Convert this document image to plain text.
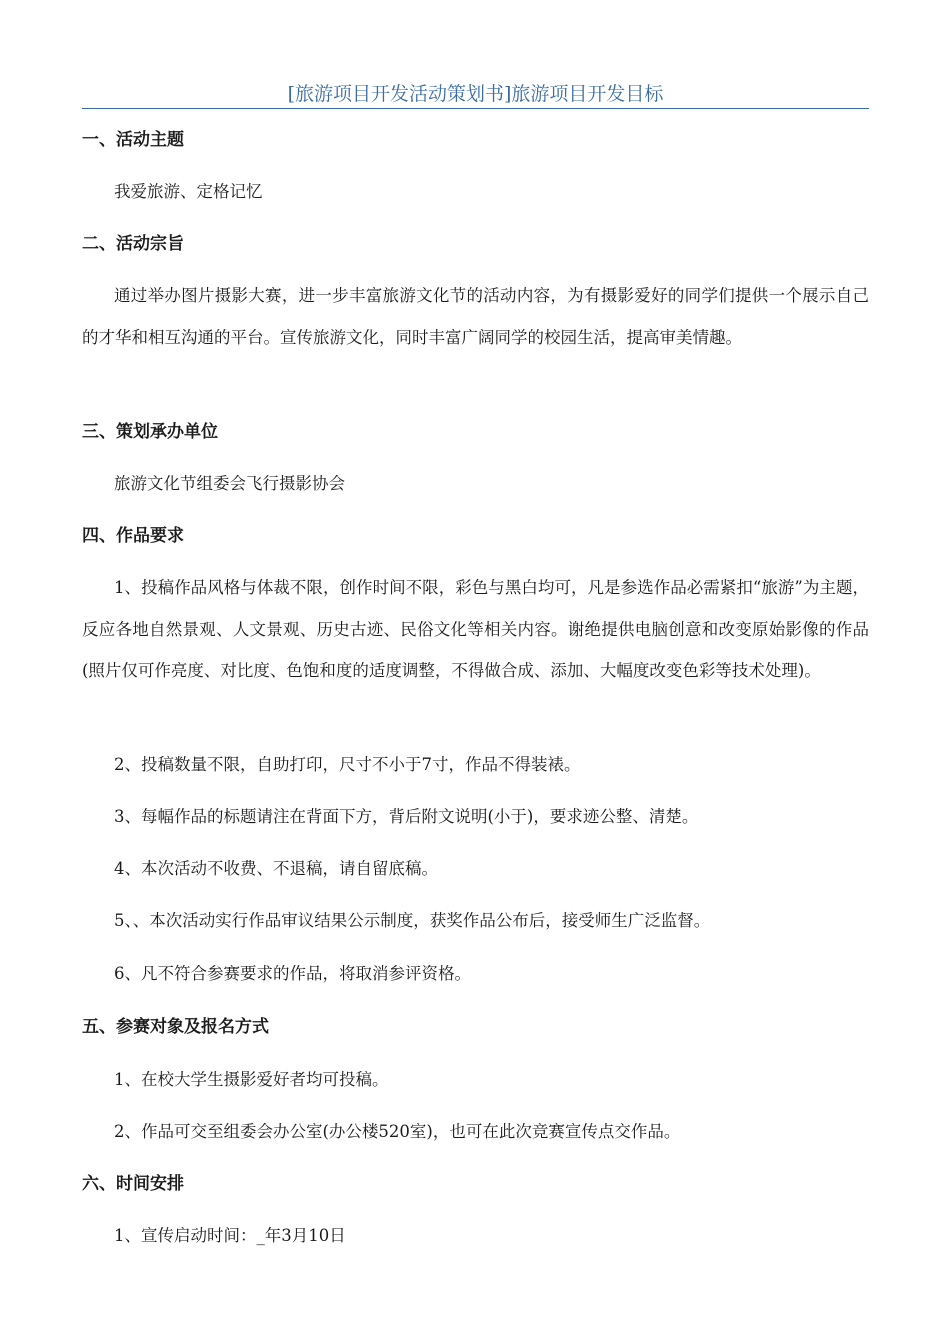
[旅游项目开发活动策划书]旅游项目开发目标
一、活动主题
我爱旅游、定格记忆
二、活动宗旨
通过举办图片摄影大赛，进一步丰富旅游文化节的活动内容，为有摄影爱好的同学们提供一个展示自己的才华和相互沟通的平台。宣传旅游文化，同时丰富广阔同学的校园生活，提高审美情趣。
三、策划承办单位
旅游文化节组委会飞行摄影协会
四、作品要求
1、投稿作品风格与体裁不限，创作时间不限，彩色与黑白均可，凡是参选作品必需紧扣“旅游”为主题，反应各地自然景观、人文景观、历史古迹、民俗文化等相关内容。谢绝提供电脑创意和改变原始影像的作品(照片仅可作亮度、对比度、色饱和度的适度调整，不得做合成、添加、大幅度改变色彩等技术处理)。
2、投稿数量不限，自助打印，尺寸不小于7寸，作品不得装裱。
3、每幅作品的标题请注在背面下方，背后附文说明(小于)，要求迹公整、清楚。
4、本次活动不收费、不退稿，请自留底稿。
5、、本次活动实行作品审议结果公示制度，获奖作品公布后，接受师生广泛监督。
6、凡不符合参赛要求的作品，将取消参评资格。
五、参赛对象及报名方式
1、在校大学生摄影爱好者均可投稿。
2、作品可交至组委会办公室(办公楼520室)，也可在此次竞赛宣传点交作品。
六、时间安排
1、宣传启动时间：_年3月10日
